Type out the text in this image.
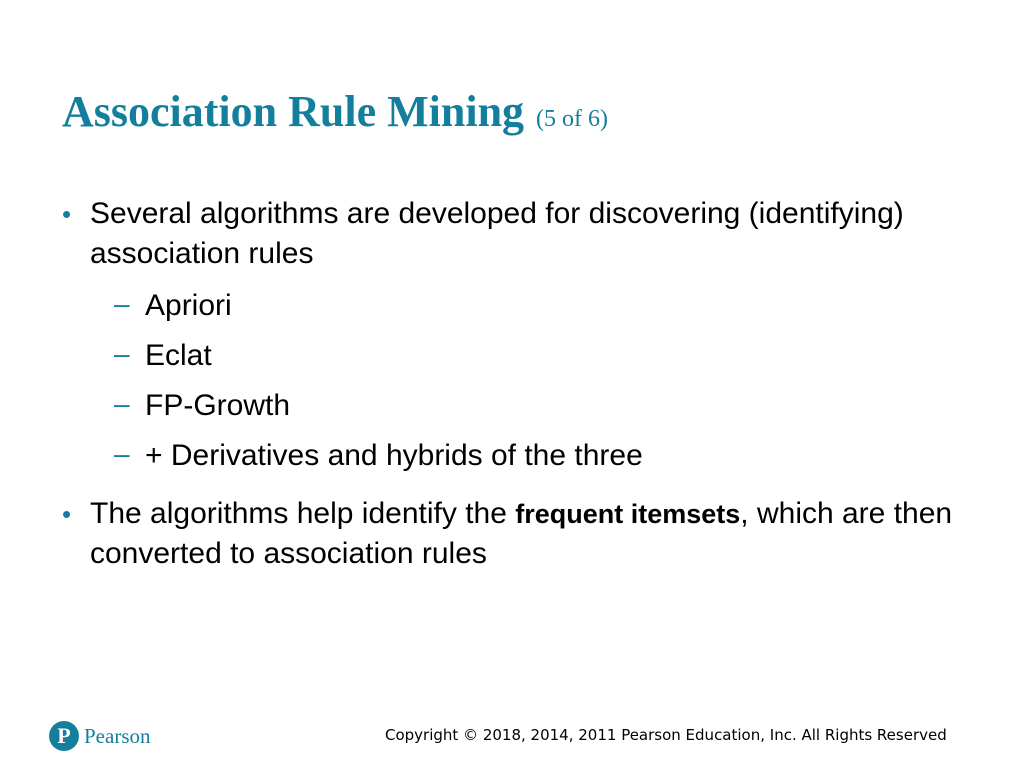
Association Rule Mining (5 of 6)
• Several algorithms are developed for discovering (identifying) association rules
– Apriori
– Eclat
– FP-Growth
– + Derivatives and hybrids of the three
• The algorithms help identify the frequent itemsets, which are then converted to association rules
P Pearson	Copyright © 2018, 2014, 2011 Pearson Education, Inc. All Rights Reserved
